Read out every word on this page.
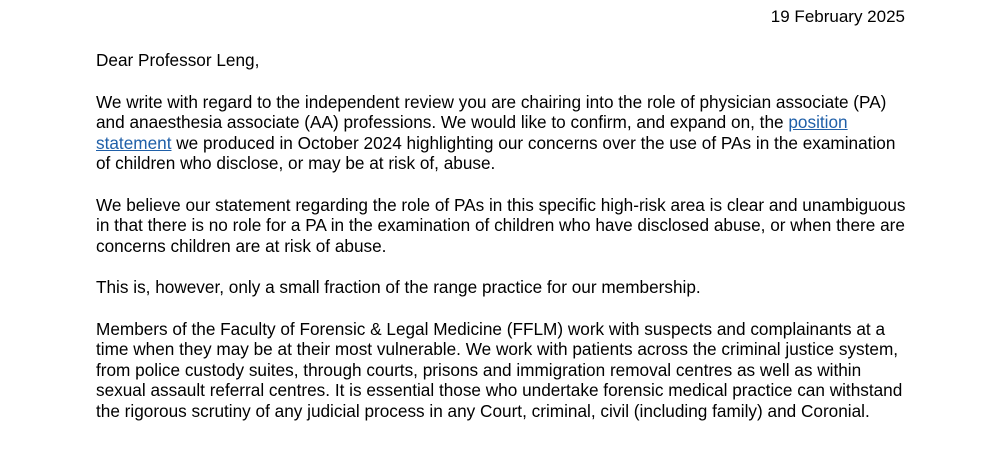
19 February 2025

Dear Professor Leng,

We write with regard to the independent review you are chairing into the role of physician associate (PA) and anaesthesia associate (AA) professions. We would like to confirm, and expand on, the position statement we produced in October 2024 highlighting our concerns over the use of PAs in the examination of children who disclose, or may be at risk of, abuse.

We believe our statement regarding the role of PAs in this specific high-risk area is clear and unambiguous in that there is no role for a PA in the examination of children who have disclosed abuse, or when there are concerns children are at risk of abuse.

This is, however, only a small fraction of the range practice for our membership.

Members of the Faculty of Forensic & Legal Medicine (FFLM) work with suspects and complainants at a time when they may be at their most vulnerable. We work with patients across the criminal justice system, from police custody suites, through courts, prisons and immigration removal centres as well as within sexual assault referral centres. It is essential those who undertake forensic medical practice can withstand the rigorous scrutiny of any judicial process in any Court, criminal, civil (including family) and Coronial.
